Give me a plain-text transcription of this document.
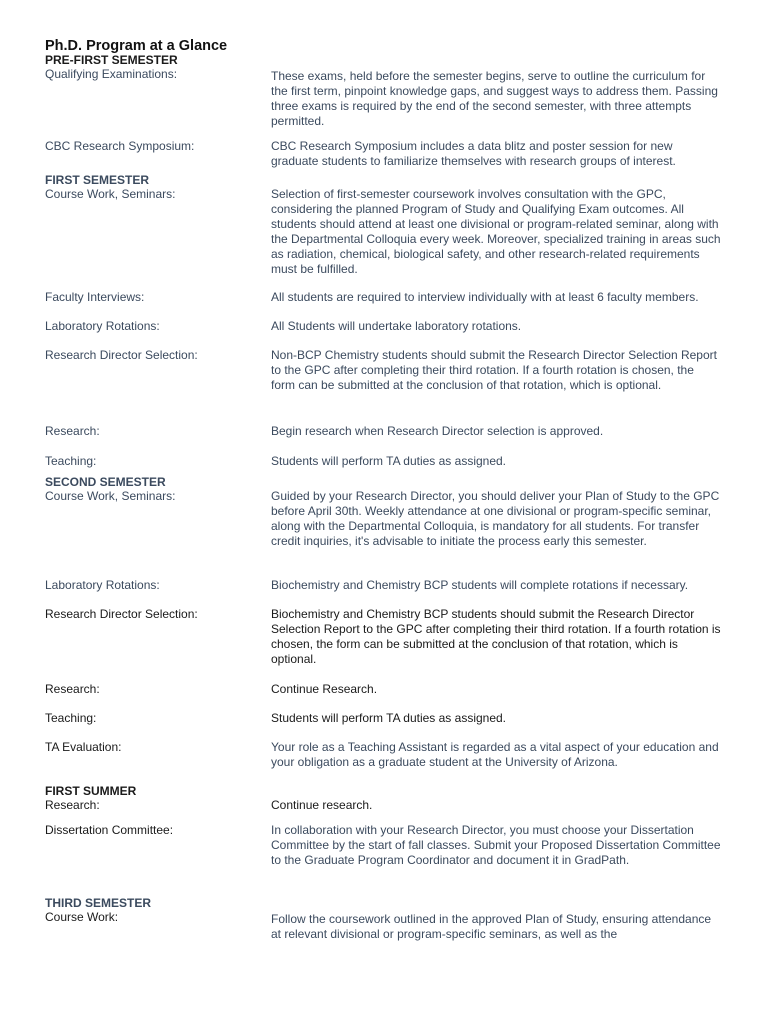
Ph.D. Program at a Glance
PRE-FIRST SEMESTER
Qualifying Examinations:	These exams, held before the semester begins, serve to outline the curriculum for the first term, pinpoint knowledge gaps, and suggest ways to address them. Passing three exams is required by the end of the second semester, with three attempts permitted.
CBC Research Symposium:	CBC Research Symposium includes a data blitz and poster session for new graduate students to familiarize themselves with research groups of interest.
FIRST SEMESTER
Course Work, Seminars:	Selection of first-semester coursework involves consultation with the GPC, considering the planned Program of Study and Qualifying Exam outcomes. All students should attend at least one divisional or program-related seminar, along with the Departmental Colloquia every week. Moreover, specialized training in areas such as radiation, chemical, biological safety, and other research-related requirements must be fulfilled.
Faculty Interviews:	All students are required to interview individually with at least 6 faculty members.
Laboratory Rotations:	All Students will undertake laboratory rotations.
Research Director Selection:	Non-BCP Chemistry students should submit the Research Director Selection Report to the GPC after completing their third rotation. If a fourth rotation is chosen, the form can be submitted at the conclusion of that rotation, which is optional.
Research:	Begin research when Research Director selection is approved.
Teaching:	Students will perform TA duties as assigned.
SECOND SEMESTER
Course Work, Seminars:	Guided by your Research Director, you should deliver your Plan of Study to the GPC before April 30th. Weekly attendance at one divisional or program-specific seminar, along with the Departmental Colloquia, is mandatory for all students. For transfer credit inquiries, it's advisable to initiate the process early this semester.
Laboratory Rotations:	Biochemistry and Chemistry BCP students will complete rotations if necessary.
Research Director Selection:	Biochemistry and Chemistry BCP students should submit the Research Director Selection Report to the GPC after completing their third rotation. If a fourth rotation is chosen, the form can be submitted at the conclusion of that rotation, which is optional.
Research:	Continue Research.
Teaching:	Students will perform TA duties as assigned.
TA Evaluation:	Your role as a Teaching Assistant is regarded as a vital aspect of your education and your obligation as a graduate student at the University of Arizona.
FIRST SUMMER
Research:	Continue research.
Dissertation Committee:	In collaboration with your Research Director, you must choose your Dissertation Committee by the start of fall classes. Submit your Proposed Dissertation Committee to the Graduate Program Coordinator and document it in GradPath.
THIRD SEMESTER
Course Work:	Follow the coursework outlined in the approved Plan of Study, ensuring attendance at relevant divisional or program-specific seminars, as well as the
